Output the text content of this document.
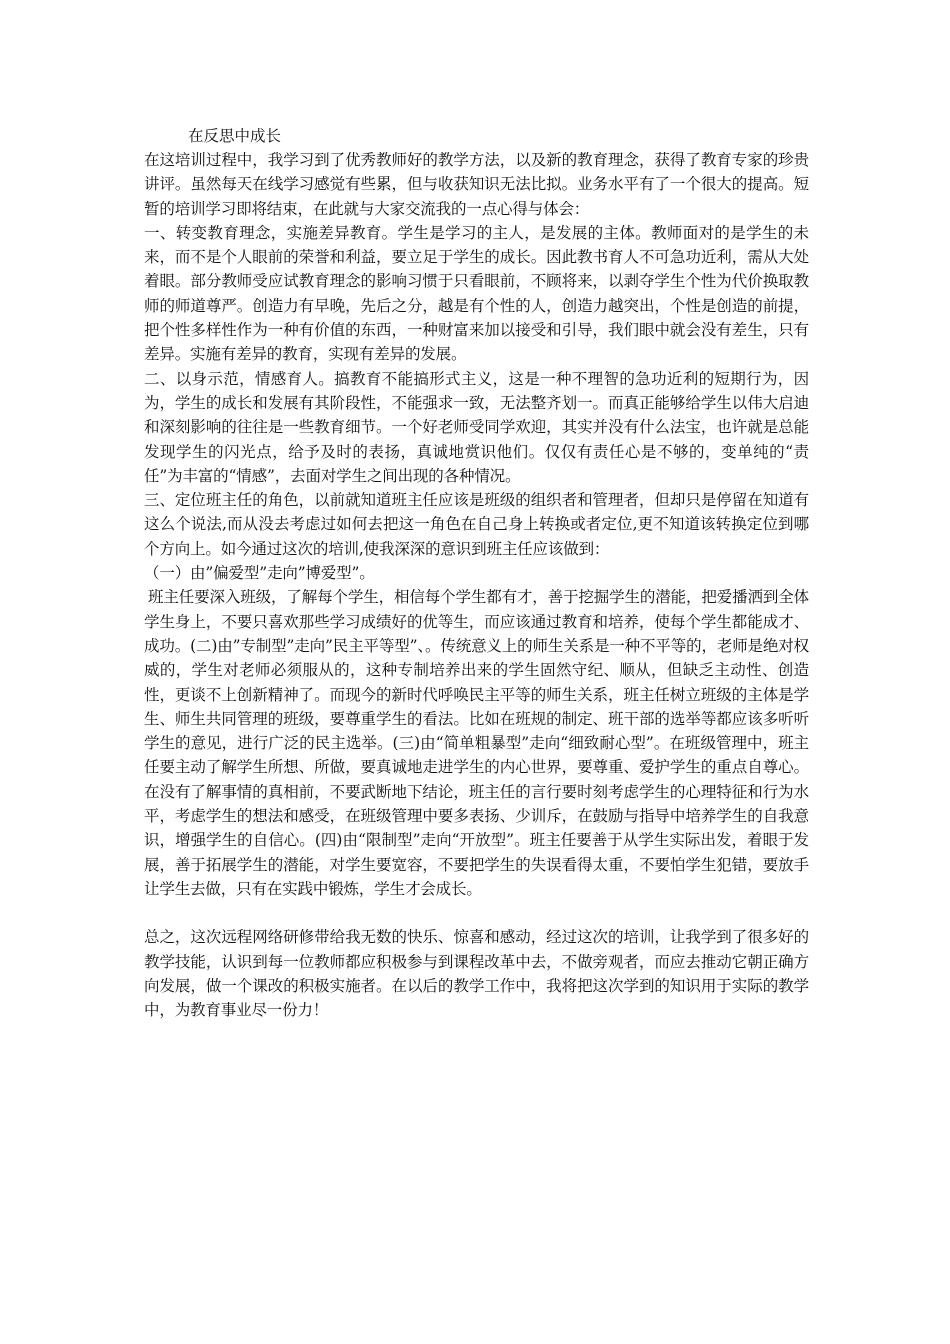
在反思中成长

在这培训过程中，我学习到了优秀教师好的教学方法，以及新的教育理念，获得了教育专家的珍贵讲评。虽然每天在线学习感觉有些累，但与收获知识无法比拟。业务水平有了一个很大的提高。短暂的培训学习即将结束，在此就与大家交流我的一点心得与体会：

一、转变教育理念，实施差异教育。学生是学习的主人，是发展的主体。教师面对的是学生的未来，而不是个人眼前的荣誉和利益，要立足于学生的成长。因此教书育人不可急功近利，需从大处着眼。部分教师受应试教育理念的影响习惯于只看眼前，不顾将来，以剥夺学生个性为代价换取教师的师道尊严。创造力有早晚，先后之分，越是有个性的人，创造力越突出，个性是创造的前提，把个性多样性作为一种有价值的东西，一种财富来加以接受和引导，我们眼中就会没有差生，只有差异。实施有差异的教育，实现有差异的发展。

二、以身示范，情感育人。搞教育不能搞形式主义，这是一种不理智的急功近利的短期行为，因为，学生的成长和发展有其阶段性，不能强求一致，无法整齐划一。而真正能够给学生以伟大启迪和深刻影响的往往是一些教育细节。一个好老师受同学欢迎，其实并没有什么法宝，也许就是总能发现学生的闪光点，给予及时的表扬，真诚地赏识他们。仅仅有责任心是不够的，变单纯的“责任”为丰富的“情感”，去面对学生之间出现的各种情况。

三、定位班主任的角色，以前就知道班主任应该是班级的组织者和管理者，但却只是停留在知道有这么个说法,而从没去考虑过如何去把这一角色在自己身上转换或者定位,更不知道该转换定位到哪个方向上。如今通过这次的培训,使我深深的意识到班主任应该做到：

（一）由”偏爱型”走向”博爱型”。

班主任要深入班级，了解每个学生，相信每个学生都有才，善于挖掘学生的潜能，把爱播洒到全体学生身上，不要只喜欢那些学习成绩好的优等生，而应该通过教育和培养，使每个学生都能成才、成功。(二)由”专制型”走向”民主平等型”、。传统意义上的师生关系是一种不平等的，老师是绝对权威的，学生对老师必须服从的，这种专制培养出来的学生固然守纪、顺从，但缺乏主动性、创造性，更谈不上创新精神了。而现今的新时代呼唤民主平等的师生关系，班主任树立班级的主体是学生、师生共同管理的班级，要尊重学生的看法。比如在班规的制定、班干部的选举等都应该多听听学生的意见，进行广泛的民主选举。(三)由“简单粗暴型”走向“细致耐心型”。在班级管理中，班主任要主动了解学生所想、所做，要真诚地走进学生的内心世界，要尊重、爱护学生的重点自尊心。在没有了解事情的真相前，不要武断地下结论，班主任的言行要时刻考虑学生的心理特征和行为水平，考虑学生的想法和感受，在班级管理中要多表扬、少训斥，在鼓励与指导中培养学生的自我意识，增强学生的自信心。(四)由“限制型”走向“开放型”。班主任要善于从学生实际出发，着眼于发展，善于拓展学生的潜能，对学生要宽容，不要把学生的失误看得太重，不要怕学生犯错，要放手让学生去做，只有在实践中锻炼，学生才会成长。

总之，这次远程网络研修带给我无数的快乐、惊喜和感动，经过这次的培训，让我学到了很多好的教学技能，认识到每一位教师都应积极参与到课程改革中去，不做旁观者，而应去推动它朝正确方向发展，做一个课改的积极实施者。在以后的教学工作中，我将把这次学到的知识用于实际的教学中，为教育事业尽一份力！
